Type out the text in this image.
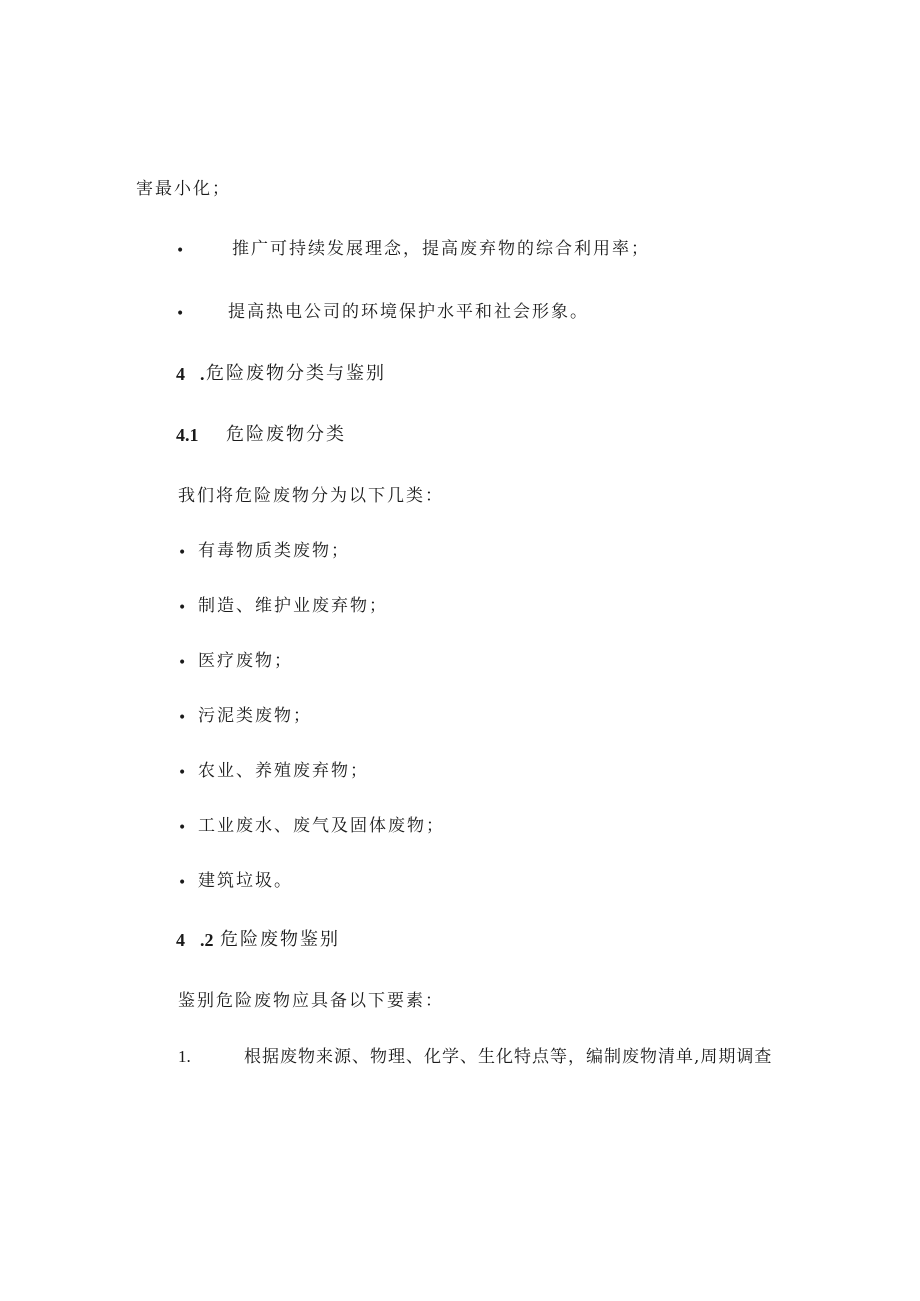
害最小化；
•	推广可持续发展理念，提高废弃物的综合利用率；
•	提高热电公司的环境保护水平和社会形象。
4 . 危险废物分类与鉴别
4.1 危险废物分类
我们将危险废物分为以下几类：
• 有毒物质类废物；
• 制造、维护业废弃物；
• 医疗废物；
• 污泥类废物；
• 农业、养殖废弃物；
• 工业废水、废气及固体废物；
• 建筑垃圾。
4 .2 危险废物鉴别
鉴别危险废物应具备以下要素：
1.	根据废物来源、物理、化学、生化特点等，编制废物清单,周期调查
